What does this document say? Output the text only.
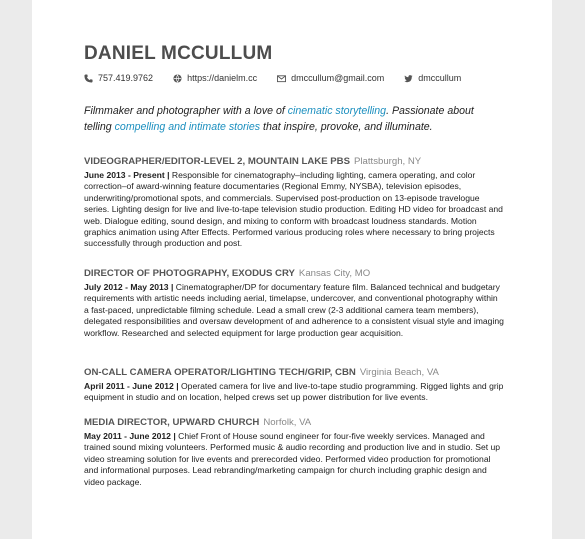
DANIEL MCCULLUM
757.419.9762	https://danielm.cc	dmccullum@gmail.com	dmccullum

Filmmaker and photographer with a love of cinematic storytelling. Passionate about telling compelling and intimate stories that inspire, provoke, and illuminate.

VIDEOGRAPHER/EDITOR-LEVEL 2, MOUNTAIN LAKE PBS Plattsburgh, NY
June 2013 - Present | Responsible for cinematography–including lighting, camera operating, and color correction–of award-winning feature documentaries (Regional Emmy, NYSBA), television episodes, underwriting/promotional spots, and commercials. Supervised post-production on 13-episode travelogue series. Lighting design for live and live-to-tape television studio production. Editing HD video for broadcast and web. Dialogue editing, sound design, and mixing to conform with broadcast loudness standards. Motion graphics animation using After Effects. Performed various producing roles where necessary to bring projects successfully through production and post.
DIRECTOR OF PHOTOGRAPHY, EXODUS CRY Kansas City, MO
July 2012 - May 2013 | Cinematographer/DP for documentary feature film. Balanced technical and budgetary requirements with artistic needs including aerial, timelapse, undercover, and conventional photography within a fast-paced, unpredictable filming schedule. Lead a small crew (2-3 additional camera team members), delegated responsibilities and oversaw development of and adherence to a consistent visual style and imaging workflow. Researched and selected equipment for large production gear acquisition.
ON-CALL CAMERA OPERATOR/LIGHTING TECH/GRIP, CBN Virginia Beach, VA
April 2011 - June 2012 | Operated camera for live and live-to-tape studio programming. Rigged lights and grip equipment in studio and on location, helped crews set up power distribution for live events.
MEDIA DIRECTOR, UPWARD CHURCH Norfolk, VA
May 2011 - June 2012 | Chief Front of House sound engineer for four-five weekly services. Managed and trained sound mixing volunteers. Performed music & audio recording and production live and in studio. Set up video streaming solution for live events and prerecorded video. Performed video production for promotional and informational purposes. Lead rebranding/marketing campaign for church including graphic design and video package.
